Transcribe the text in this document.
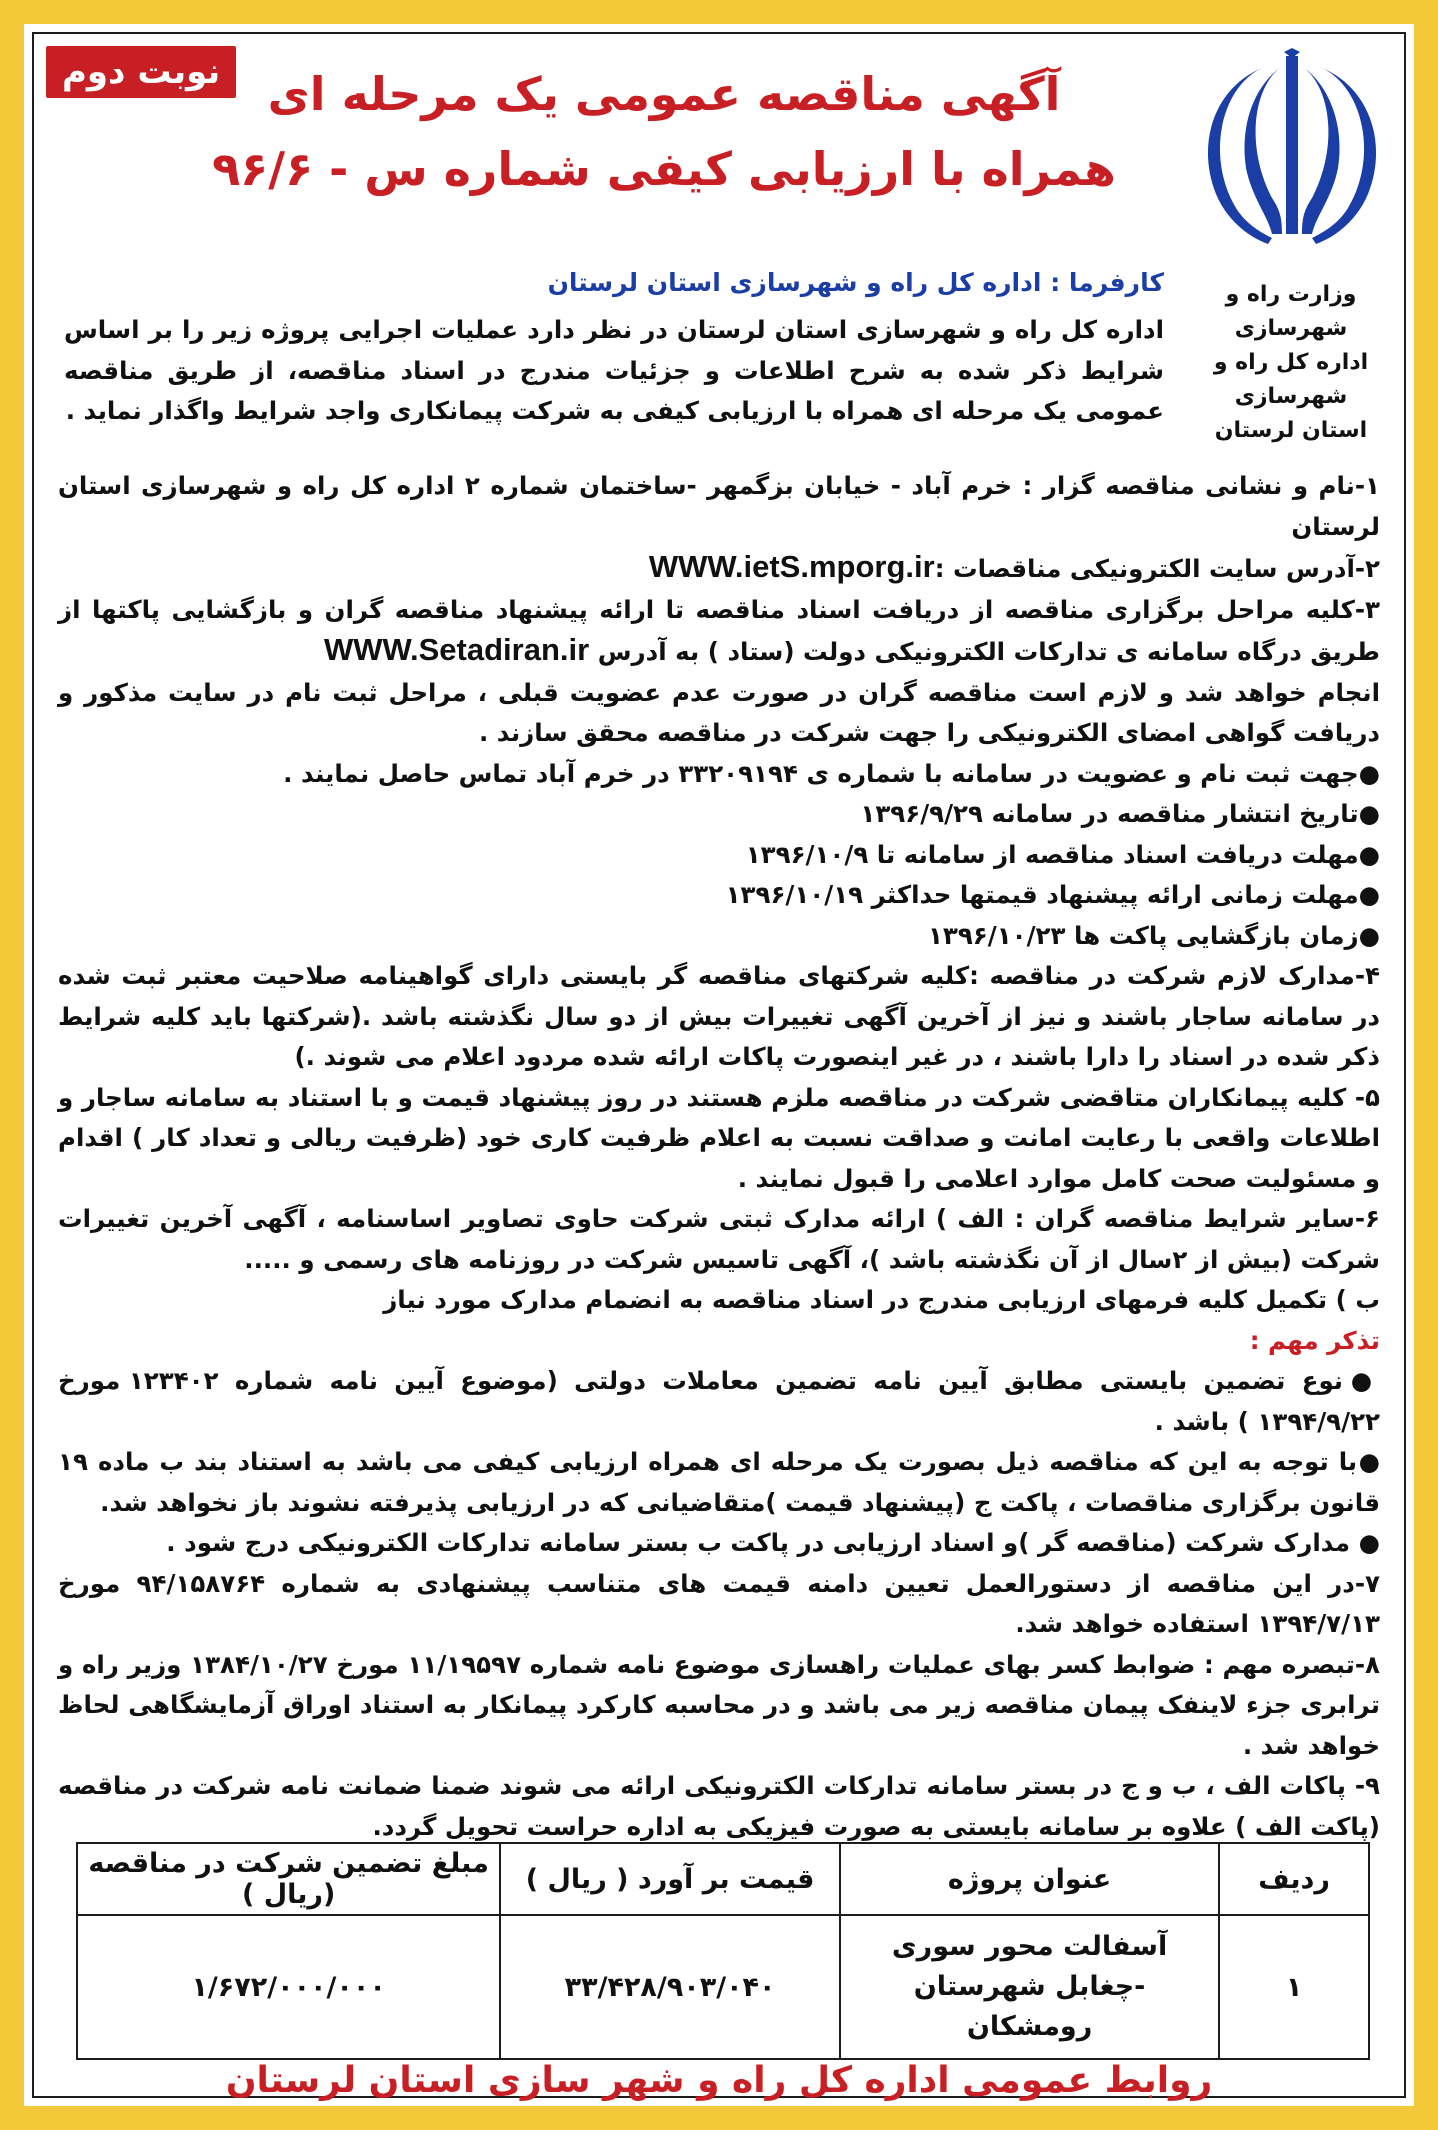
نوبت دوم
وزارت راه و شهرسازی
اداره کل راه و شهرسازی
استان لرستان
آگهی مناقصه عمومی یک مرحله ای
همراه با ارزیابی کیفی شماره س - ۹۶/۶
کارفرما : اداره کل راه و شهرسازی استان لرستان
اداره کل راه و شهرسازی استان لرستان در نظر دارد عملیات اجرایی پروژه زیر را بر اساس شرایط ذکر شده به شرح اطلاعات و جزئیات مندرج در اسناد مناقصه، از طریق مناقصه عمومی یک مرحله ای همراه با ارزیابی کیفی به شرکت پیمانکاری واجد شرایط واگذار نماید .

۱-نام و نشانی مناقصه گزار : خرم آباد - خیابان بزگمهر -ساختمان شماره ۲ اداره کل راه و شهرسازی استان لرستان

۲-آدرس سایت الکترونیکی مناقصات :WWW.ietS.mporg.ir

۳-کلیه مراحل برگزاری مناقصه از دریافت اسناد مناقصه تا ارائه پیشنهاد مناقصه گران و بازگشایی پاکتها از طریق درگاه سامانه ی تدارکات الکترونیکی دولت (ستاد ) به آدرس WWW.Setadiran.ir

انجام خواهد شد و لازم است مناقصه گران در صورت عدم عضویت قبلی ، مراحل ثبت نام در سایت مذکور و دریافت گواهی امضای الکترونیکی را جهت شرکت در مناقصه محقق سازند .

●جهت ثبت نام و عضویت در سامانه با شماره ی ۳۳۲۰۹۱۹۴ در خرم آباد تماس حاصل نمایند .

●تاریخ انتشار مناقصه در سامانه ۱۳۹۶/۹/۲۹

●مهلت دریافت اسناد مناقصه از سامانه تا ۱۳۹۶/۱۰/۹

●مهلت زمانی ارائه پیشنهاد قیمتها حداکثر ۱۳۹۶/۱۰/۱۹

●زمان بازگشایی پاکت ها ۱۳۹۶/۱۰/۲۳

۴-مدارک لازم شرکت در مناقصه :کلیه شرکتهای مناقصه گر بایستی دارای گواهینامه صلاحیت معتبر ثبت شده در سامانه ساجار باشند و نیز از آخرین آگهی تغییرات بیش از دو سال نگذشته باشد .(شرکتها باید کلیه شرایط ذکر شده در اسناد را دارا باشند ، در غیر اینصورت پاکات ارائه شده مردود اعلام می شوند .)

۵- کلیه پیمانکاران متاقضی شرکت در مناقصه ملزم هستند در روز پیشنهاد قیمت و با استناد به سامانه ساجار و اطلاعات واقعی با رعایت امانت و صداقت نسبت به اعلام ظرفیت کاری خود (ظرفیت ریالی و تعداد کار ) اقدام و مسئولیت صحت کامل موارد اعلامی را قبول نمایند .

۶-سایر شرایط مناقصه گران : الف ) ارائه مدارک ثبتی شرکت حاوی تصاویر اساسنامه ، آگهی آخرین تغییرات شرکت (بیش از ۲سال از آن نگذشته باشد )، آگهی تاسیس شرکت در روزنامه های رسمی و .....

ب ) تکمیل کلیه فرمهای ارزیابی مندرج در اسناد مناقصه به انضمام مدارک مورد نیاز

تذکر مهم :

●نوع تضمین بایستی مطابق آیین نامه تضمین معاملات دولتی (موضوع آیین نامه شماره ۱۲۳۴۰۲ مورخ ۱۳۹۴/۹/۲۲ ) باشد .

●با توجه به این که مناقصه ذیل بصورت یک مرحله ای همراه ارزیابی کیفی می باشد به استناد بند ب ماده ۱۹ قانون برگزاری مناقصات ، پاکت ج (پیشنهاد قیمت )متقاضیانی که در ارزیابی پذیرفته نشوند باز نخواهد شد.

● مدارک شرکت (مناقصه گر )و اسناد ارزیابی در پاکت ب بستر سامانه تدارکات الکترونیکی درج شود .

۷-در این مناقصه از دستورالعمل تعیین دامنه قیمت های متناسب پیشنهادی به شماره ۹۴/۱۵۸۷۶۴ مورخ ۱۳۹۴/۷/۱۳ استفاده خواهد شد.

۸-تبصره مهم : ضوابط کسر بهای عملیات راهسازی موضوع نامه شماره ۱۱/۱۹۵۹۷ مورخ ۱۳۸۴/۱۰/۲۷ وزیر راه و ترابری جزء لاینفک پیمان مناقصه زیر می باشد و در محاسبه کارکرد پیمانکار به استناد اوراق آزمایشگاهی لحاظ خواهد شد .

۹- پاکات الف ، ب و ج در بستر سامانه تدارکات الکترونیکی ارائه می شوند ضمنا ضمانت نامه شرکت در مناقصه (پاکت الف ) علاوه بر سامانه بایستی به صورت فیزیکی به اداره حراست تحویل گردد.

ردیف	عنوان پروژه	قیمت بر آورد ( ریال )	مبلغ تضمین شرکت در مناقصه (ریال )
۱	آسفالت محور سوری -چغابل شهرستان رومشکان	۳۳/۴۲۸/۹۰۳/۰۴۰	۱/۶۷۲/۰۰۰/۰۰۰
روابط عمومی اداره کل راه و شهر سازی استان لرستان
